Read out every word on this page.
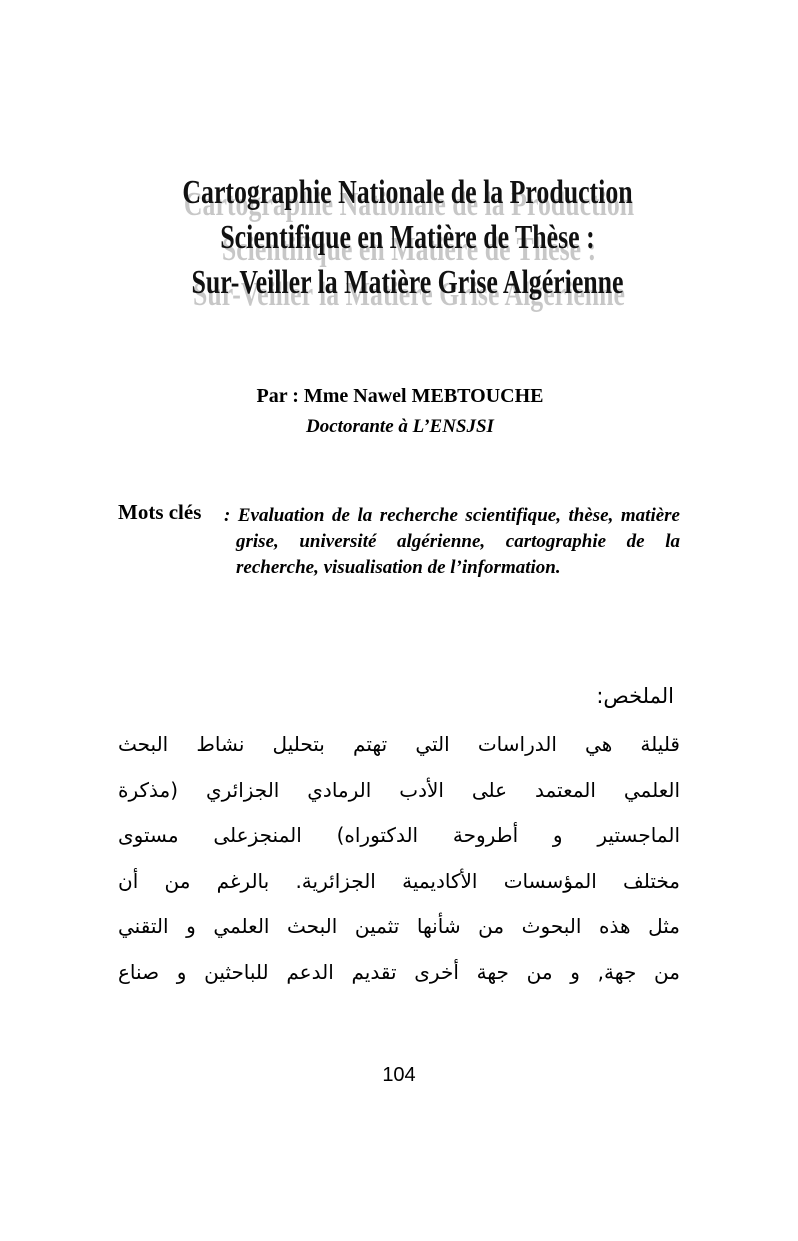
Cartographie Nationale de la Production
Scientifique en Matière de Thèse :
Sur-Veiller la Matière Grise Algérienne
Par : Mme Nawel MEBTOUCHE
Doctorante à L’ENSJSI
Mots clés : Evaluation de la recherche scientifique, thèse, matière grise, université algérienne, cartographie de la recherche, visualisation de l’information.
الملخص:
قليلة هي الدراسات التي تهتم بتحليل نشاط البحث
العلمي المعتمد على الأدب الرمادي الجزائري (مذكرة
الماجستير و أطروحة الدكتوراه) المنجزعلى مستوى
مختلف المؤسسات الأكاديمية الجزائرية. بالرغم من أن
مثل هذه البحوث من شأنها تثمين البحث العلمي و التقني
من جهة, و من جهة أخرى تقديم الدعم للباحثين و صناع
104
